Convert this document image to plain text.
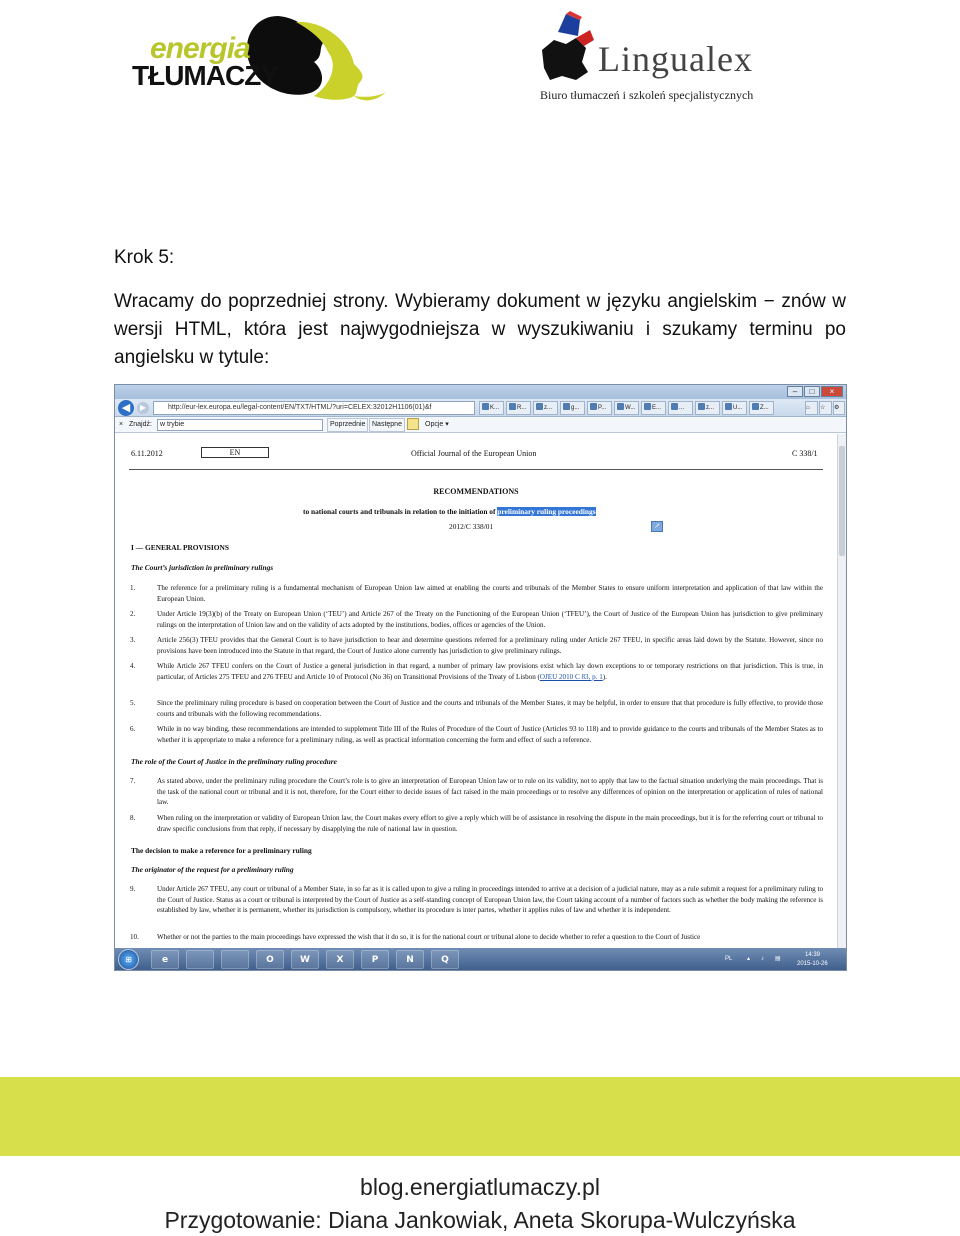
energia
TŁUMACZY	Lingualex
Biuro tłumaczeń i szkoleń specjalistycznych
Krok 5:
Wracamy do poprzedniej strony. Wybieramy dokument w języku angielskim − znów w wersji HTML, która jest najwygodniejsza w wyszukiwaniu i szukamy terminu po angielsku w tytule:
–	□	×
◀	▶	http://eur-lex.europa.eu/legal-content/EN/TXT/HTML/?uri=CELEX:32012H1106(01)&f	K...	R...	z...	g...	P...	W...	E...	...	z...	U...	Z...	⌂	☆	⚙
× Znajdź:	w trybie	Poprzednie Następne	Opcje ▾
6.11.2012	EN	Official Journal of the European Union	C 338/1
RECOMMENDATIONS
to national courts and tribunals in relation to the initiation of preliminary ruling proceedings
↗
2012/C 338/01
I — GENERAL PROVISIONS
The Court’s jurisdiction in preliminary rulings
1.	The reference for a preliminary ruling is a fundamental mechanism of European Union law aimed at enabling the courts and tribunals of the Member States to ensure uniform interpretation and application of that law within the European Union.
2.	Under Article 19(3)(b) of the Treaty on European Union (‘TEU’) and Article 267 of the Treaty on the Functioning of the European Union (‘TFEU’), the Court of Justice of the European Union has jurisdiction to give preliminary rulings on the interpretation of Union law and on the validity of acts adopted by the institutions, bodies, offices or agencies of the Union.
3.	Article 256(3) TFEU provides that the General Court is to have jurisdiction to hear and determine questions referred for a preliminary ruling under Article 267 TFEU, in specific areas laid down by the Statute. However, since no provisions have been introduced into the Statute in that regard, the Court of Justice alone currently has jurisdiction to give preliminary rulings.
4.	While Article 267 TFEU confers on the Court of Justice a general jurisdiction in that regard, a number of primary law provisions exist which lay down exceptions to or temporary restrictions on that jurisdiction. This is true, in particular, of Articles 275 TFEU and 276 TFEU and Article 10 of Protocol (No 36) on Transitional Provisions of the Treaty of Lisbon (OJEU 2010 C 83, p. 1).
5.	Since the preliminary ruling procedure is based on cooperation between the Court of Justice and the courts and tribunals of the Member States, it may be helpful, in order to ensure that that procedure is fully effective, to provide those courts and tribunals with the following recommendations.
6.	While in no way binding, these recommendations are intended to supplement Title III of the Rules of Procedure of the Court of Justice (Articles 93 to 118) and to provide guidance to the courts and tribunals of the Member States as to whether it is appropriate to make a reference for a preliminary ruling, as well as practical information concerning the form and effect of such a reference.
The role of the Court of Justice in the preliminary ruling procedure
7.	As stated above, under the preliminary ruling procedure the Court’s role is to give an interpretation of European Union law or to rule on its validity, not to apply that law to the factual situation underlying the main proceedings. That is the task of the national court or tribunal and it is not, therefore, for the Court either to decide issues of fact raised in the main proceedings or to resolve any differences of opinion on the interpretation or application of rules of national law.
8.	When ruling on the interpretation or validity of European Union law, the Court makes every effort to give a reply which will be of assistance in resolving the dispute in the main proceedings, but it is for the referring court or tribunal to draw specific conclusions from that reply, if necessary by disapplying the rule of national law in question.
The decision to make a reference for a preliminary ruling
The originator of the request for a preliminary ruling
9.	Under Article 267 TFEU, any court or tribunal of a Member State, in so far as it is called upon to give a ruling in proceedings intended to arrive at a decision of a judicial nature, may as a rule submit a request for a preliminary ruling to the Court of Justice. Status as a court or tribunal is interpreted by the Court of Justice as a self-standing concept of European Union law, the Court taking account of a number of factors such as whether the body making the reference is established by law, whether it is permanent, whether its jurisdiction is compulsory, whether its procedure is inter partes, whether it applies rules of law and whether it is independent.
10.	Whether or not the parties to the main proceedings have expressed the wish that it do so, it is for the national court or tribunal alone to decide whether to refer a question to the Court of Justice
⊞	e	O	W	X	P	N	Q	PL ▴ ♪ ▤
14:39
2015-10-26
blog.energiatlumaczy.pl
Przygotowanie: Diana Jankowiak, Aneta Skorupa-Wulczyńska
